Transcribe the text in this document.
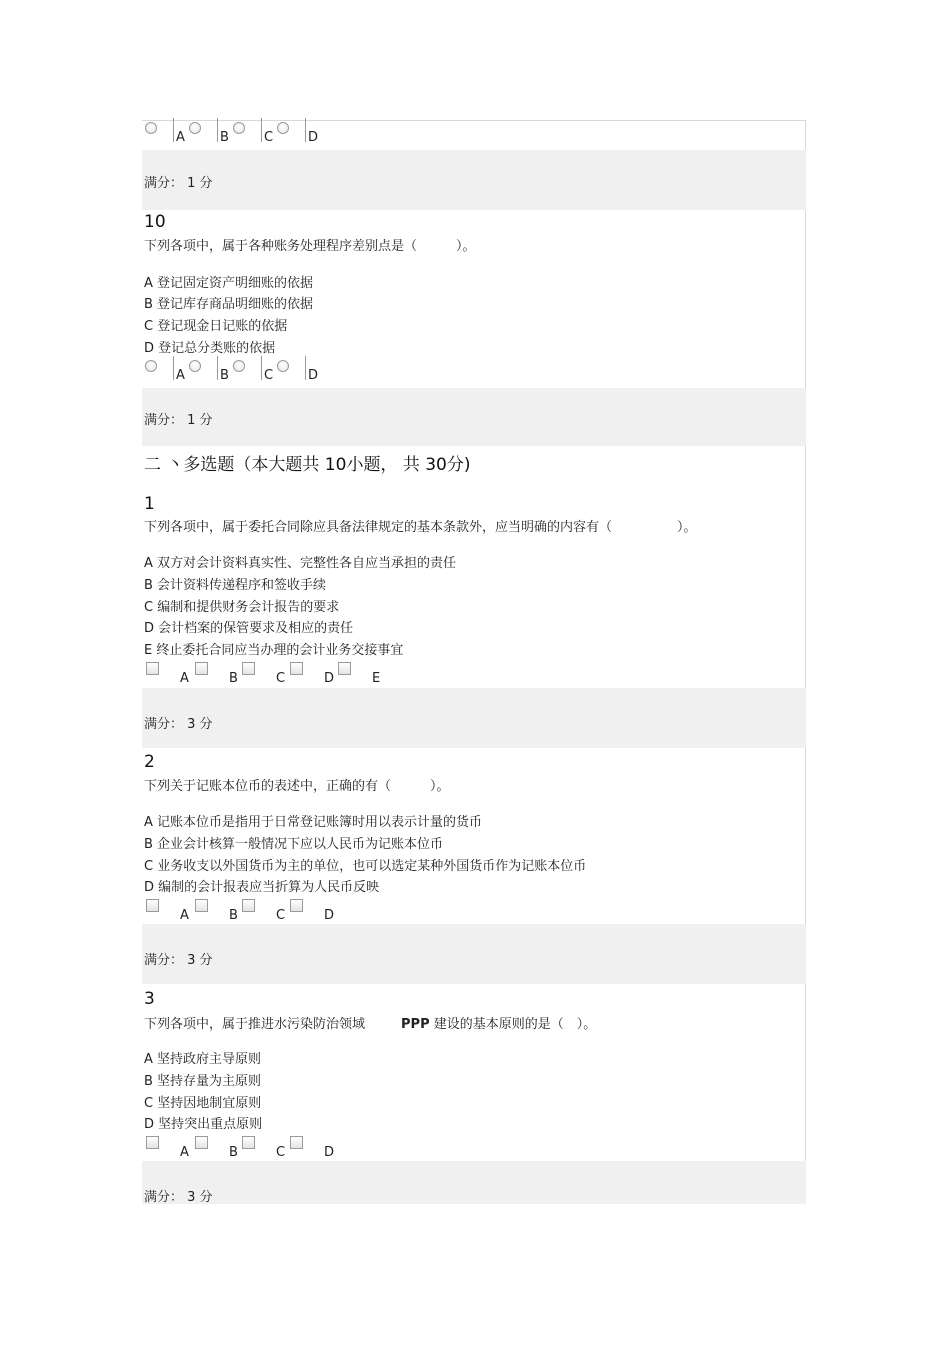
A	B	C	D
满分： 1 分
10
下列各项中，属于各种账务处理程序差别点是（　　　）。
A 登记固定资产明细账的依据
B 登记库存商品明细账的依据
C 登记现金日记账的依据
D 登记总分类账的依据
A	B	C	D
满分： 1 分
二 丶多选题（本大题共 10小题， 共 30分)
1
下列各项中，属于委托合同除应具备法律规定的基本条款外，应当明确的内容有（　　　　　）。
A 双方对会计资料真实性、完整性各自应当承担的责任
B 会计资料传递程序和签收手续
C 编制和提供财务会计报告的要求
D 会计档案的保管要求及相应的责任
E 终止委托合同应当办理的会计业务交接事宜
A	B	C	D	E
满分： 3 分
2
下列关于记账本位币的表述中，正确的有（　　　）。
A 记账本位币是指用于日常登记账簿时用以表示计量的货币
B 企业会计核算一般情况下应以人民币为记账本位币
C 业务收支以外国货币为主的单位，也可以选定某种外国货币作为记账本位币
D 编制的会计报表应当折算为人民币反映
A	B	C	D
满分： 3 分
3
下列各项中，属于推进水污染防治领域	PPP 建设的基本原则的是（　）。
A 坚持政府主导原则
B 坚持存量为主原则
C 坚持因地制宜原则
D 坚持突出重点原则
A	B	C	D
满分： 3 分
